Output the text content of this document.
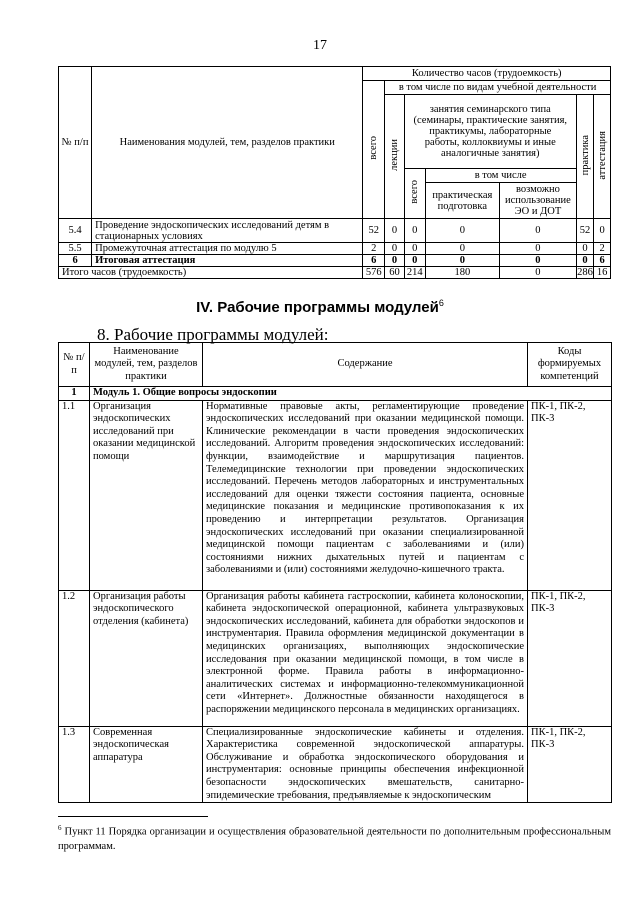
17
№ п/п	Наименования модулей, тем, разделов практики	Количество часов (трудоемкость)						
		всего	в том числе по видам учебной деятельности					
			лекции	занятия семинарского типа (семинары, практические занятия, практикумы, лабораторные работы, коллоквиумы и иные аналогичные занятия)			практика	аттестация
				всего	в том числе			
					практическая подготовка	возможно использование ЭО и ДОТ		
5.4	Проведение эндоскопических исследований детям в стационарных условиях	52	0	0	0	0	52	0
5.5	Промежуточная аттестация по модулю 5	2	0	0	0	0	0	2
6	Итоговая аттестация	6	0	0	0	0	0	6
Итого часов (трудоемкость)		576	60	214	180	0	286	16
IV. Рабочие программы модулей$^6$
8. Рабочие программы модулей:
№ п/п	Наименование модулей, тем, разделов практики	Содержание	Коды формируемых компетенций
1	Модуль 1. Общие вопросы эндоскопии		
1.1	Организация эндоскопических исследований при оказании медицинской помощи	Нормативные правовые акты, регламентирующие проведение эндоскопических исследований при оказании медицинской помощи. Клинические рекомендации в части проведения эндоскопических исследований. Алгоритм проведения эндоскопических исследований: функции, взаимодействие и маршрутизация пациентов. Телемедицинские технологии при проведении эндоскопических исследований. Перечень методов лабораторных и инструментальных исследований для оценки тяжести состояния пациента, основные медицинские показания и медицинские противопоказания к их проведению и интерпретации результатов. Организация эндоскопических исследований при оказании специализированной медицинской помощи пациентам с заболеваниями и (или) состояниями нижних дыхательных путей и пациентам с заболеваниями и (или) состояниями желудочно-кишечного тракта.	ПК-1, ПК-2, ПК-3
1.2	Организация работы эндоскопического отделения (кабинета)	Организация работы кабинета гастроскопии, кабинета колоноскопии, кабинета эндоскопической операционной, кабинета ультразвуковых эндоскопических исследований, кабинета для обработки эндоскопов и инструментария. Правила оформления медицинской документации в медицинских организациях, выполняющих эндоскопические исследования при оказании медицинской помощи, в том числе в электронной форме. Правила работы в информационно-аналитических системах и информационно-телекоммуникационной сети «Интернет». Должностные обязанности находящегося в распоряжении медицинского персонала в медицинских организациях.	ПК-1, ПК-2, ПК-3
1.3	Современная эндоскопическая аппаратура	Специализированные эндоскопические кабинеты и отделения. Характеристика современной эндоскопической аппаратуры. Обслуживание и обработка эндоскопического оборудования и инструментария: основные принципы обеспечения инфекционной безопасности эндоскопических вмешательств, санитарно-эпидемические требования, предъявляемые к эндоскопическим	ПК-1, ПК-2, ПК-3
$^6$ Пункт 11 Порядка организации и осуществления образовательной деятельности по дополнительным профессиональным программам.
